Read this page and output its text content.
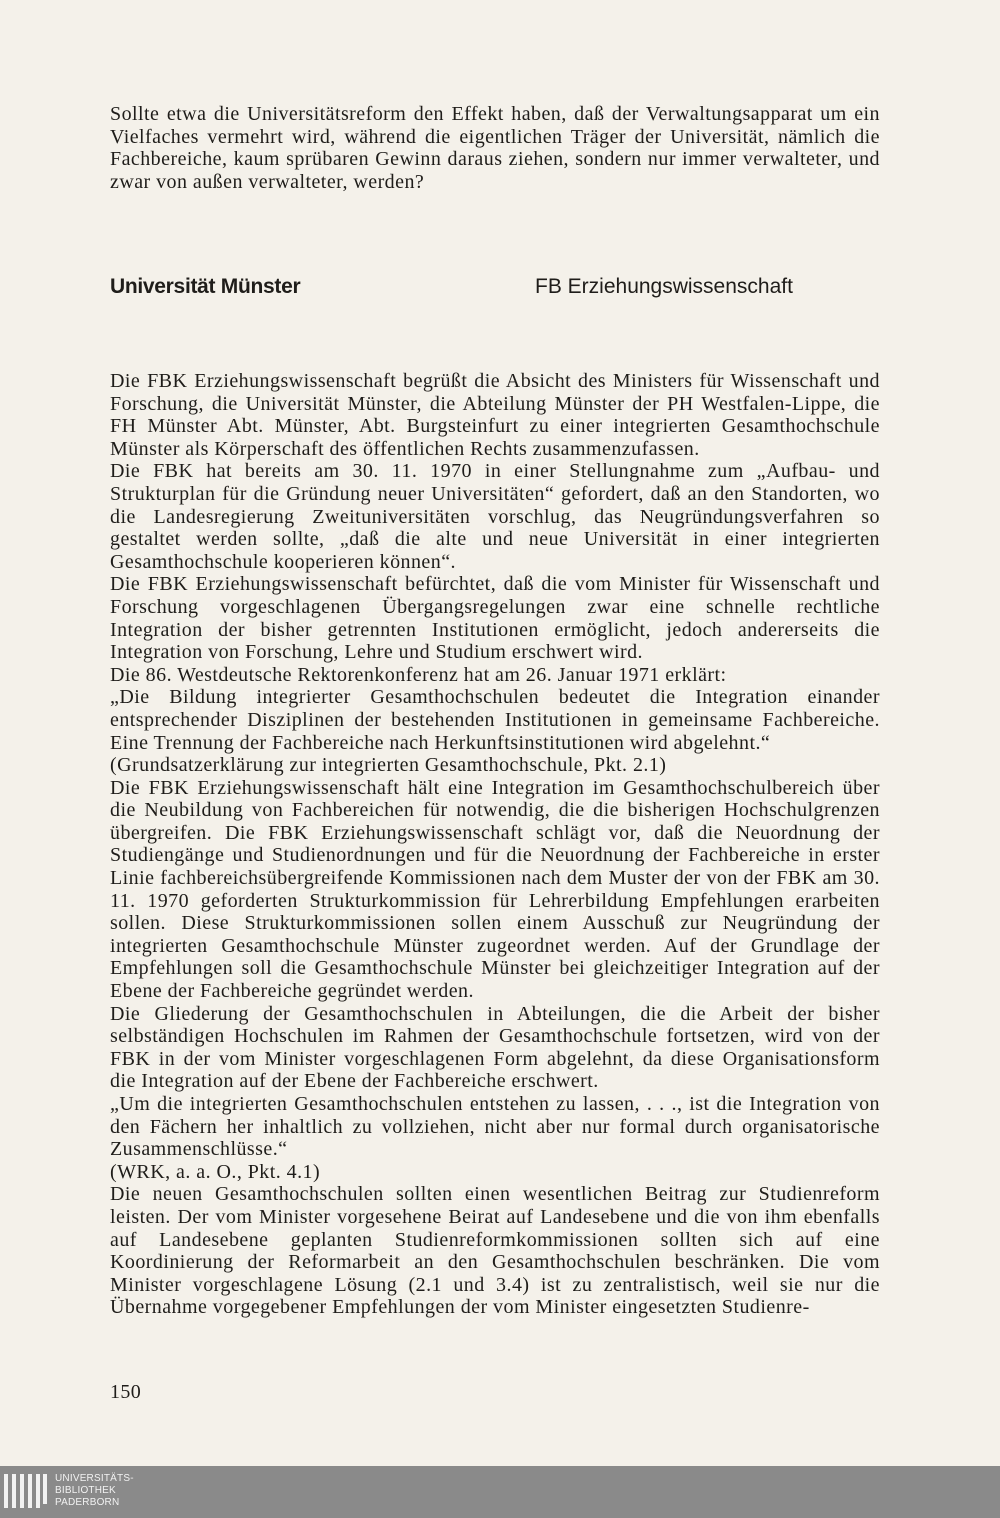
Sollte etwa die Universitätsreform den Effekt haben, daß der Verwaltungsapparat um ein Vielfaches vermehrt wird, während die eigentlichen Träger der Universität, nämlich die Fachbereiche, kaum sprübaren Gewinn daraus ziehen, sondern nur immer verwalteter, und zwar von außen verwalteter, werden?
Universität Münster	FB Erziehungswissenschaft

Die FBK Erziehungswissenschaft begrüßt die Absicht des Ministers für Wissenschaft und Forschung, die Universität Münster, die Abteilung Münster der PH Westfalen-Lippe, die FH Münster Abt. Münster, Abt. Burgsteinfurt zu einer integrierten Gesamthochschule Münster als Körperschaft des öffentlichen Rechts zusammenzufassen.

Die FBK hat bereits am 30. 11. 1970 in einer Stellungnahme zum „Aufbau- und Strukturplan für die Gründung neuer Universitäten“ gefordert, daß an den Standorten, wo die Landesregierung Zweituniversitäten vorschlug, das Neugründungsverfahren so gestaltet werden sollte, „daß die alte und neue Universität in einer integrierten Gesamthochschule kooperieren können“.

Die FBK Erziehungswissenschaft befürchtet, daß die vom Minister für Wissenschaft und Forschung vorgeschlagenen Übergangsregelungen zwar eine schnelle rechtliche Integration der bisher getrennten Institutionen ermöglicht, jedoch andererseits die Integration von Forschung, Lehre und Studium erschwert wird.

Die 86. Westdeutsche Rektorenkonferenz hat am 26. Januar 1971 erklärt:

„Die Bildung integrierter Gesamthochschulen bedeutet die Integration einander entsprechender Disziplinen der bestehenden Institutionen in gemeinsame Fachbereiche. Eine Trennung der Fachbereiche nach Herkunftsinstitutionen wird abgelehnt.“

(Grundsatzerklärung zur integrierten Gesamthochschule, Pkt. 2.1)

Die FBK Erziehungswissenschaft hält eine Integration im Gesamthochschulbereich über die Neubildung von Fachbereichen für notwendig, die die bisherigen Hochschulgrenzen übergreifen. Die FBK Erziehungswissenschaft schlägt vor, daß die Neuordnung der Studiengänge und Studienordnungen und für die Neuordnung der Fachbereiche in erster Linie fachbereichsübergreifende Kommissionen nach dem Muster der von der FBK am 30. 11. 1970 geforderten Strukturkommission für Lehrerbildung Empfehlungen erarbeiten sollen. Diese Strukturkommissionen sollen einem Ausschuß zur Neugründung der integrierten Gesamthochschule Münster zugeordnet werden. Auf der Grundlage der Empfehlungen soll die Gesamthochschule Münster bei gleichzeitiger Integration auf der Ebene der Fachbereiche gegründet werden.

Die Gliederung der Gesamthochschulen in Abteilungen, die die Arbeit der bisher selbständigen Hochschulen im Rahmen der Gesamthochschule fortsetzen, wird von der FBK in der vom Minister vorgeschlagenen Form abgelehnt, da diese Organisationsform die Integration auf der Ebene der Fachbereiche erschwert.

„Um die integrierten Gesamthochschulen entstehen zu lassen, . . ., ist die Integration von den Fächern her inhaltlich zu vollziehen, nicht aber nur formal durch organisatorische Zusammenschlüsse.“

(WRK, a. a. O., Pkt. 4.1)

Die neuen Gesamthochschulen sollten einen wesentlichen Beitrag zur Studienreform leisten. Der vom Minister vorgesehene Beirat auf Landesebene und die von ihm ebenfalls auf Landesebene geplanten Studienreformkommissionen sollten sich auf eine Koordinierung der Reformarbeit an den Gesamthochschulen beschränken. Die vom Minister vorgeschlagene Lösung (2.1 und 3.4) ist zu zentralistisch, weil sie nur die Übernahme vorgegebener Empfehlungen der vom Minister eingesetzten Studienre-

150
UNIVERSITÄTS-
BIBLIOTHEK
PADERBORN
